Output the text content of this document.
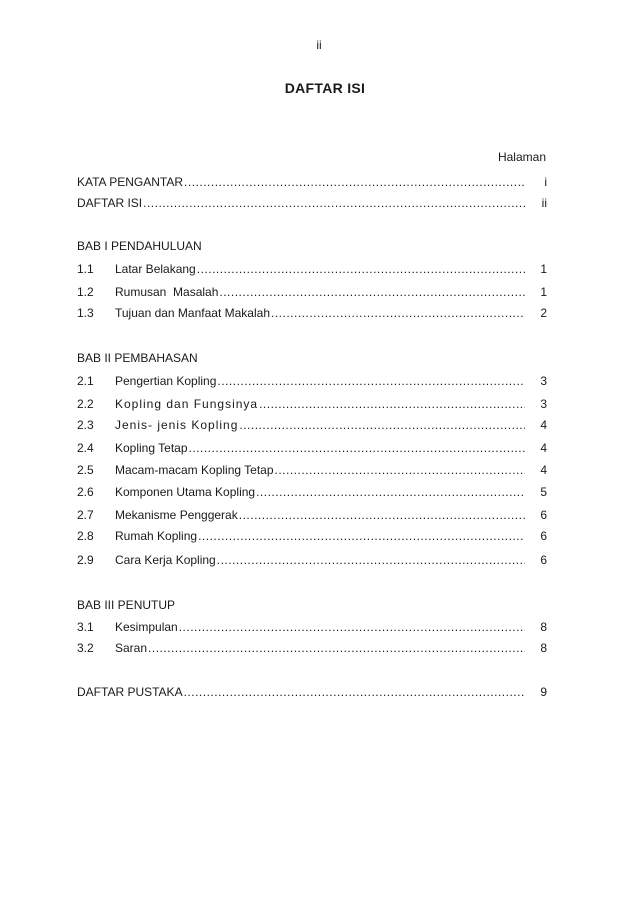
ii
DAFTAR ISI
Halaman
KATA PENGANTAR .....	i
DAFTAR ISI .....	ii
BAB I PENDAHULUAN
1.1	Latar Belakang .....	1
1.2	Rumusan  Masalah .....	1
1.3	Tujuan dan Manfaat Makalah .....	2
BAB II PEMBAHASAN
2.1	Pengertian Kopling .....	3
2.2	Kopling dan Fungsinya .....	3
2.3	Jenis- jenis Kopling .....	4
2.4	Kopling Tetap .....	4
2.5	Macam-macam Kopling Tetap .....	4
2.6	Komponen Utama Kopling .....	5
2.7	Mekanisme Penggerak .....	6
2.8	Rumah Kopling .....	6
2.9	Cara Kerja Kopling .....	6
BAB III PENUTUP
3.1	Kesimpulan .....	8
3.2	Saran .....	8
DAFTAR PUSTAKA .....	9
